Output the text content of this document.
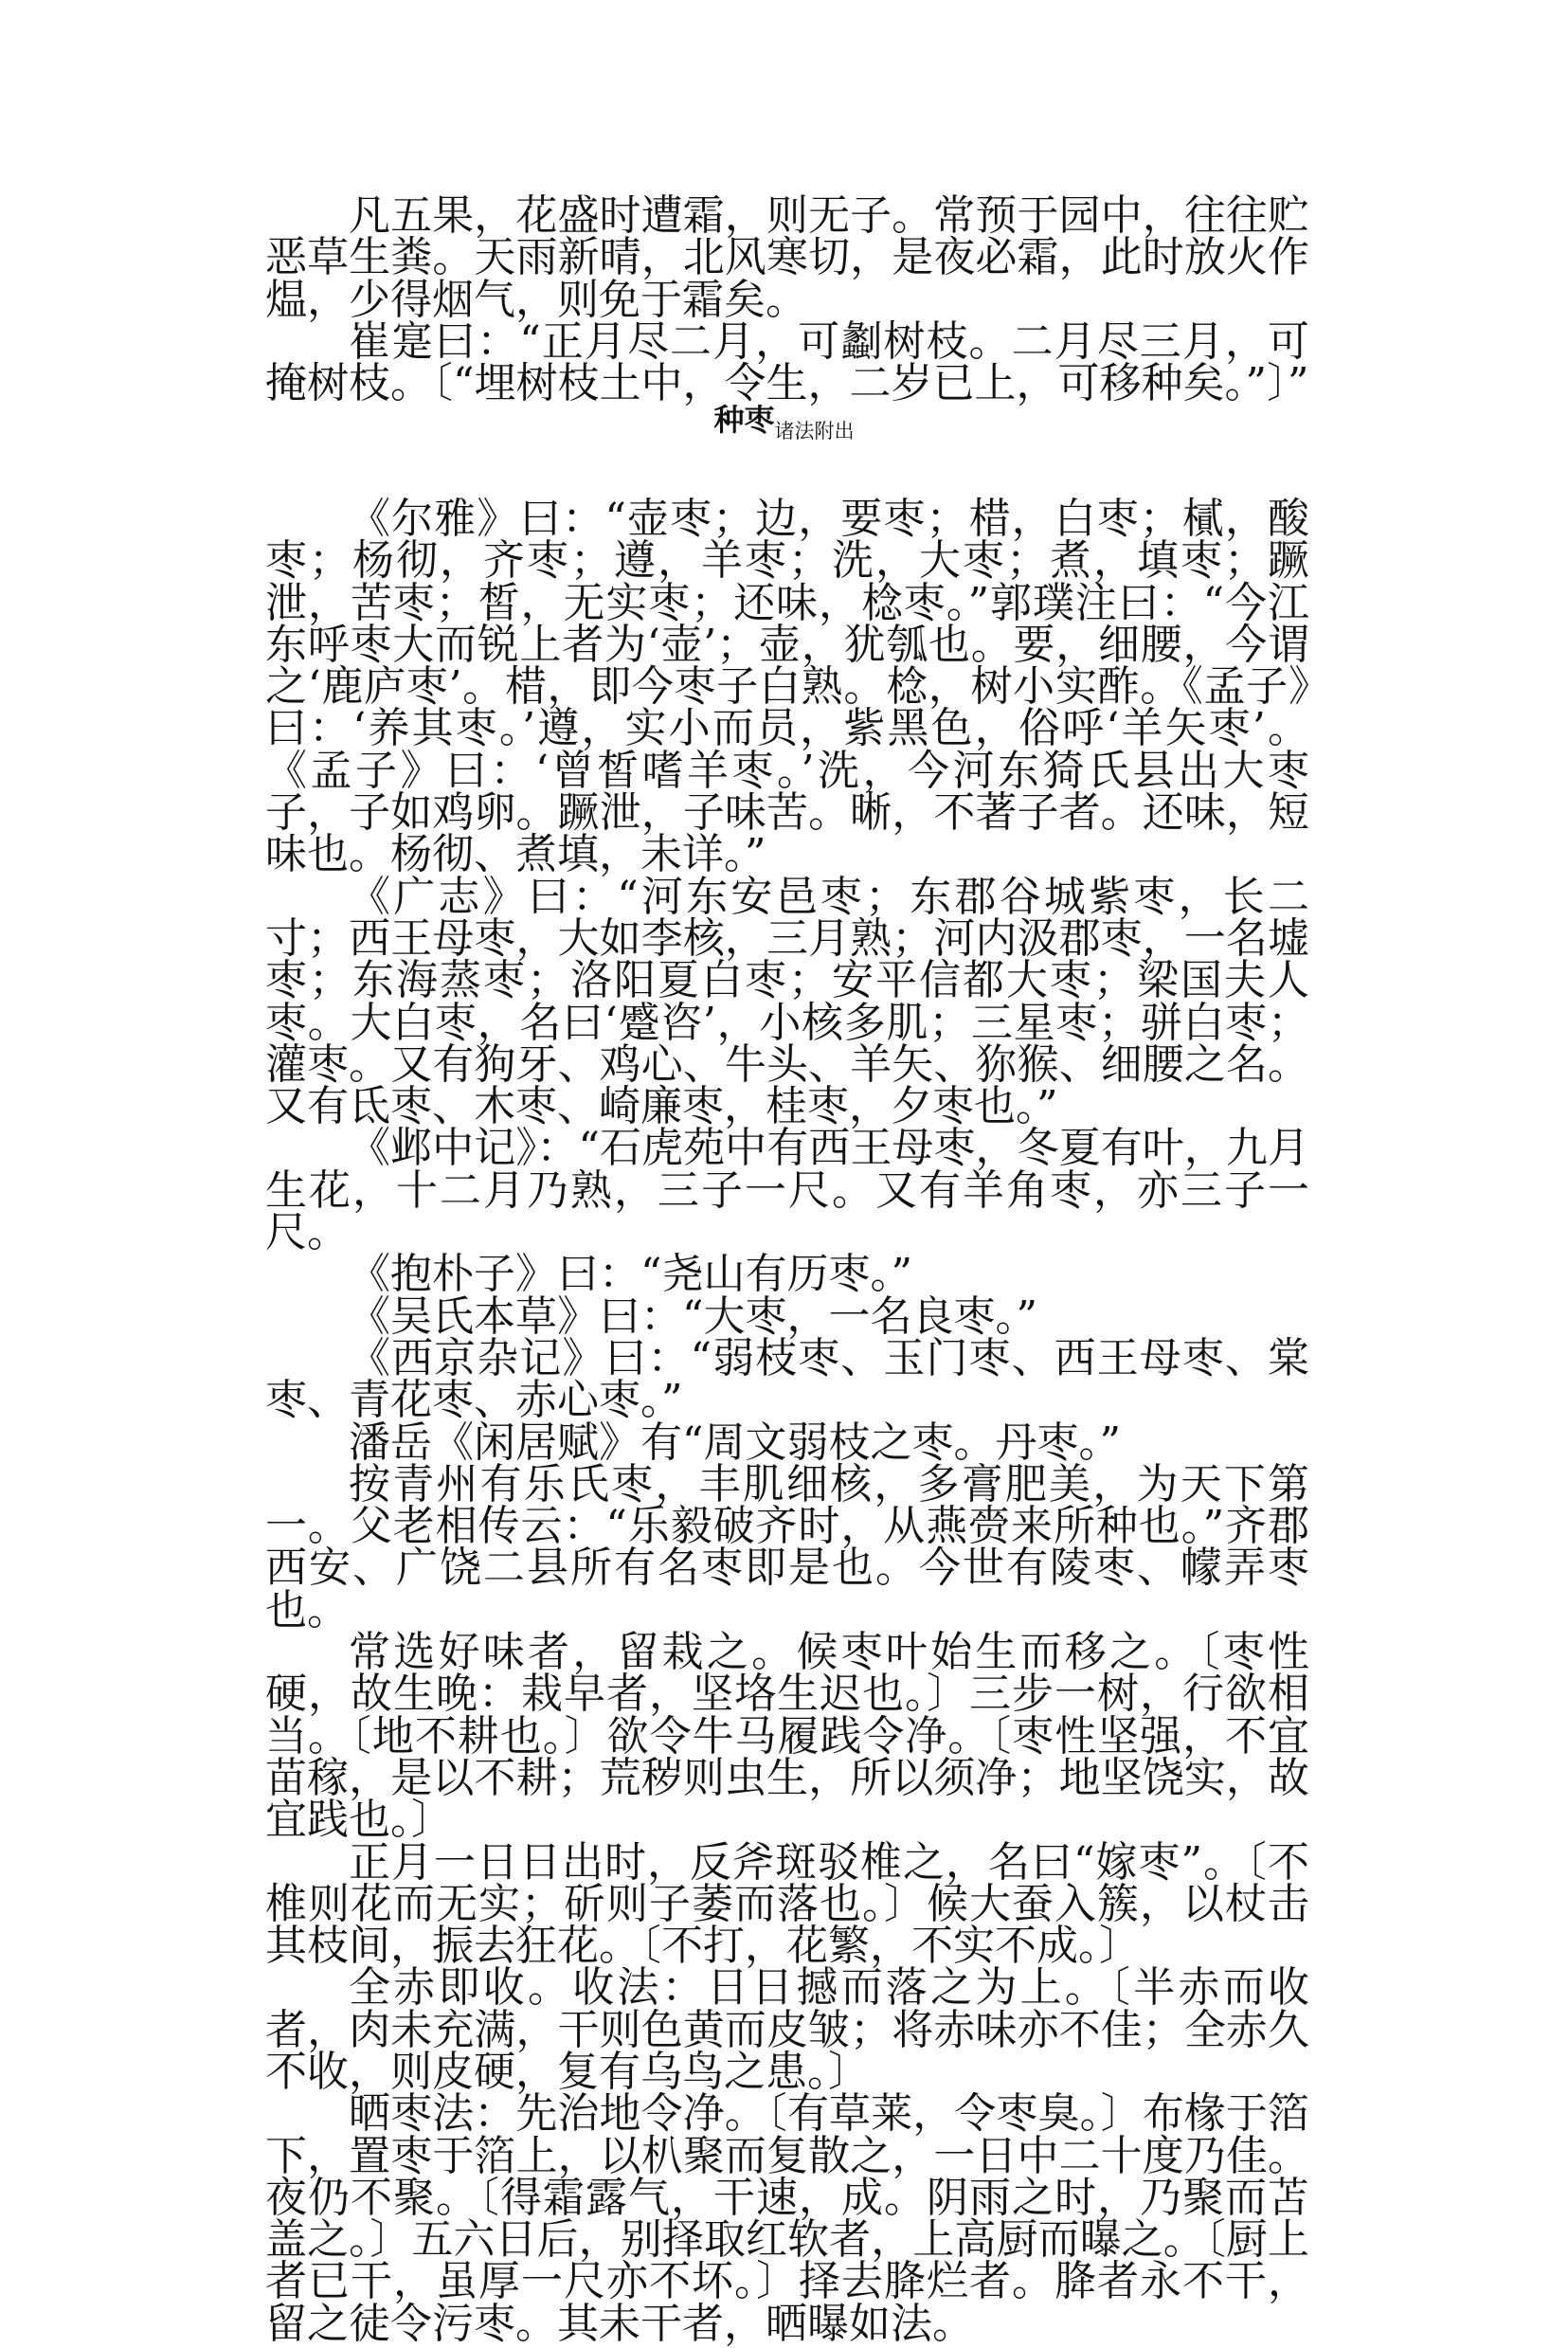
凡五果，花盛时遭霜，则无子。常预于园中，往往贮恶草生粪。天雨新晴，北风寒切，是夜必霜，此时放火作煴，少得烟气，则免于霜矣。

崔寔曰：“正月尽二月，可劙树枝。二月尽三月，可掩树枝。〔“埋树枝土中，令生，二岁已上，可移种矣。”〕”

种枣诸法附出

《尔雅》曰：“壶枣；边，要枣；棤，白枣；樲，酸枣；杨彻，齐枣；遵，羊枣；洗，大枣；煮，填枣；蹶泄，苦枣；皙，无实枣；还味，棯枣。”郭璞注曰：“今江东呼枣大而锐上者为‘壶’；壶，犹瓠也。要，细腰，今谓之‘鹿庐枣’。棤，即今枣子白熟。棯，树小实酢。《孟子》曰：‘养其枣。’遵，实小而员，紫黑色，俗呼‘羊矢枣’。《孟子》曰：‘曾皙嗜羊枣。’洗，今河东猗氏县出大枣子，子如鸡卵。蹶泄，子味苦。晰，不著子者。还味，短味也。杨彻、煮填，未详。”

《广志》曰：“河东安邑枣；东郡谷城紫枣，长二寸；西王母枣，大如李核，三月熟；河内汲郡枣，一名墟枣；东海蒸枣；洛阳夏白枣；安平信都大枣；梁国夫人枣。大白枣，名曰‘蹙咨’，小核多肌；三星枣；骈白枣；灌枣。又有狗牙、鸡心、牛头、羊矢、狝猴、细腰之名。又有氐枣、木枣、崎廉枣，桂枣，夕枣也。”

《邺中记》：“石虎苑中有西王母枣，冬夏有叶，九月生花，十二月乃熟，三子一尺。又有羊角枣，亦三子一尺。

《抱朴子》曰：“尧山有历枣。”

《吴氏本草》曰：“大枣，一名良枣。”

《西京杂记》曰：“弱枝枣、玉门枣、西王母枣、棠枣、青花枣、赤心枣。”

潘岳《闲居赋》有“周文弱枝之枣。丹枣。”

按青州有乐氏枣，丰肌细核，多膏肥美，为天下第一。父老相传云：“乐毅破齐时，从燕赍来所种也。”齐郡西安、广饶二县所有名枣即是也。今世有陵枣、幪弄枣也。

常选好味者，留栽之。候枣叶始生而移之。〔枣性硬，故生晚：栽早者，坚垎生迟也。〕三步一树，行欲相当。〔地不耕也。〕欲令牛马履践令净。〔枣性坚强，不宜苗稼，是以不耕；荒秽则虫生，所以须净；地坚饶实，故宜践也。〕

正月一日日出时，反斧斑驳椎之，名曰“嫁枣”。〔不椎则花而无实；斫则子萎而落也。〕候大蚕入簇，以杖击其枝间，振去狂花。〔不打，花繁，不实不成。〕

全赤即收。收法：日日撼而落之为上。〔半赤而收者，肉未充满，干则色黄而皮皱；将赤味亦不佳；全赤久不收，则皮硬，复有乌鸟之患。〕

晒枣法：先治地令净。〔有草莱，令枣臭。〕布椽于箔下，置枣于箔上，以朳聚而复散之，一日中二十度乃佳。夜仍不聚。〔得霜露气，干速，成。阴雨之时，乃聚而苫盖之。〕五六日后，别择取红软者，上高厨而曝之。〔厨上者已干，虽厚一尺亦不坏。〕择去胮烂者。胮者永不干，留之徒令污枣。其未干者，晒曝如法。
